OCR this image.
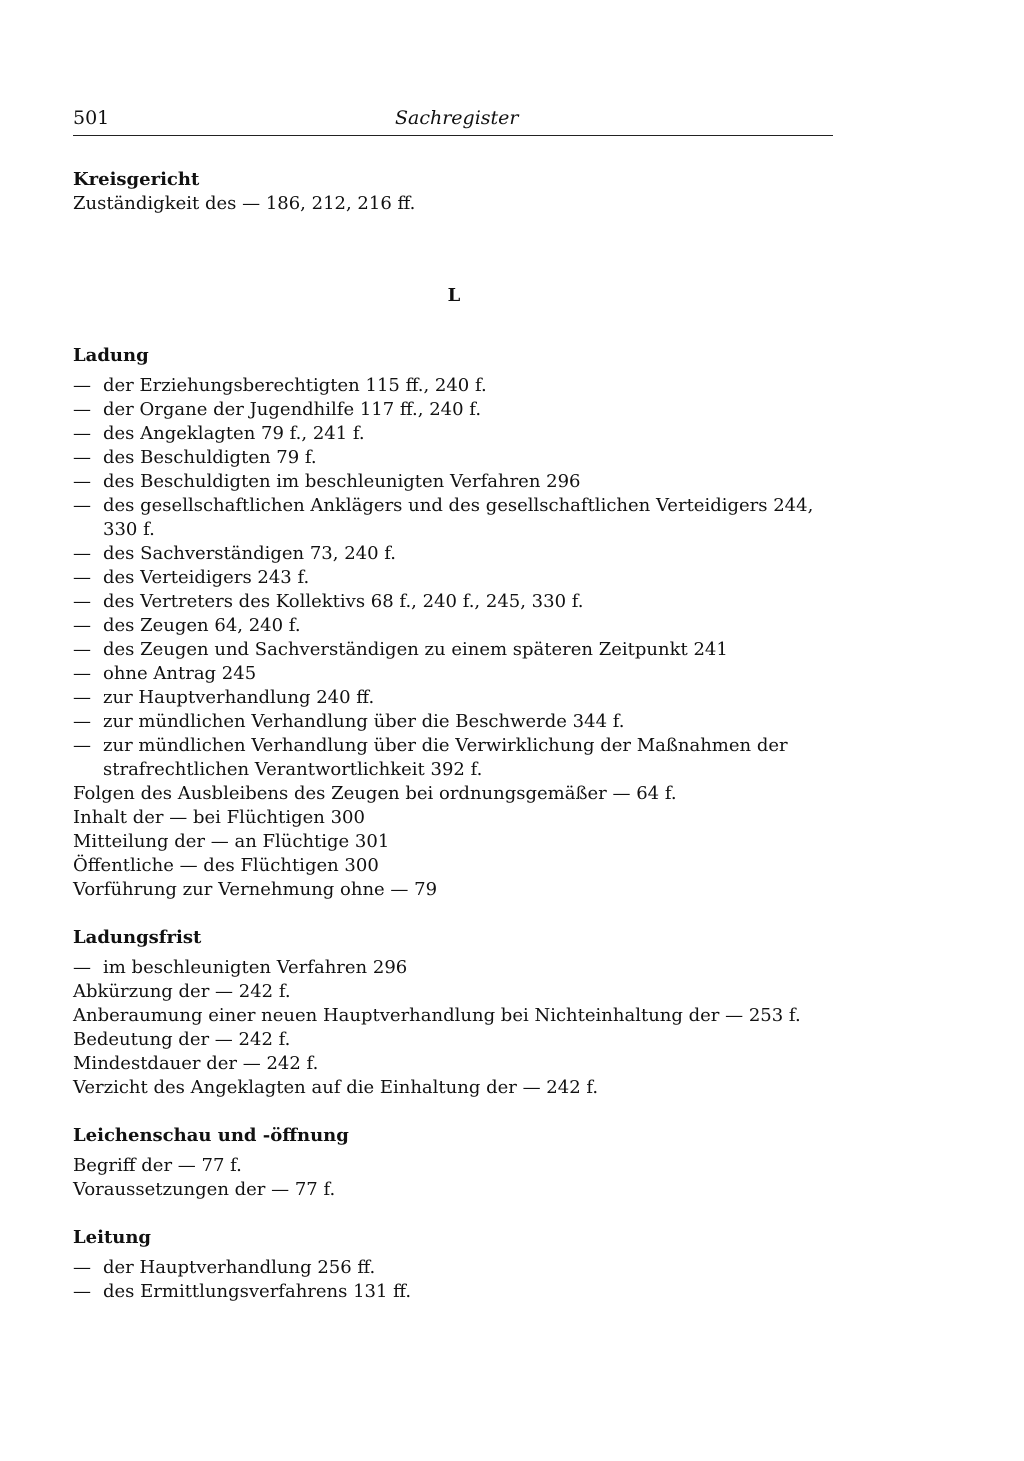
501	Sachregister
Kreisgericht
Zuständigkeit des — 186, 212, 216 ff.
L
Ladung
— der Erziehungsberechtigten 115 ff., 240 f.
— der Organe der Jugendhilfe 117 ff., 240 f.
— des Angeklagten 79 f., 241 f.
— des Beschuldigten 79 f.
— des Beschuldigten im beschleunigten Verfahren 296
— des gesellschaftlichen Anklägers und des gesellschaftlichen Verteidigers 244, 330 f.
— des Sachverständigen 73, 240 f.
— des Verteidigers 243 f.
— des Vertreters des Kollektivs 68 f., 240 f., 245, 330 f.
— des Zeugen 64, 240 f.
— des Zeugen und Sachverständigen zu einem späteren Zeitpunkt 241
— ohne Antrag 245
— zur Hauptverhandlung 240 ff.
— zur mündlichen Verhandlung über die Beschwerde 344 f.
— zur mündlichen Verhandlung über die Verwirklichung der Maßnahmen der strafrechtlichen Verantwortlichkeit 392 f.
Folgen des Ausbleibens des Zeugen bei ordnungsgemäßer — 64 f.
Inhalt der — bei Flüchtigen 300
Mitteilung der — an Flüchtige 301
Öffentliche — des Flüchtigen 300
Vorführung zur Vernehmung ohne — 79
Ladungsfrist
— im beschleunigten Verfahren 296
Abkürzung der — 242 f.
Anberaumung einer neuen Hauptverhandlung bei Nichteinhaltung der — 253 f.
Bedeutung der — 242 f.
Mindestdauer der — 242 f.
Verzicht des Angeklagten auf die Einhaltung der — 242 f.
Leichenschau und -öffnung
Begriff der — 77 f.
Voraussetzungen der — 77 f.
Leitung
— der Hauptverhandlung 256 ff.
— des Ermittlungsverfahrens 131 ff.
